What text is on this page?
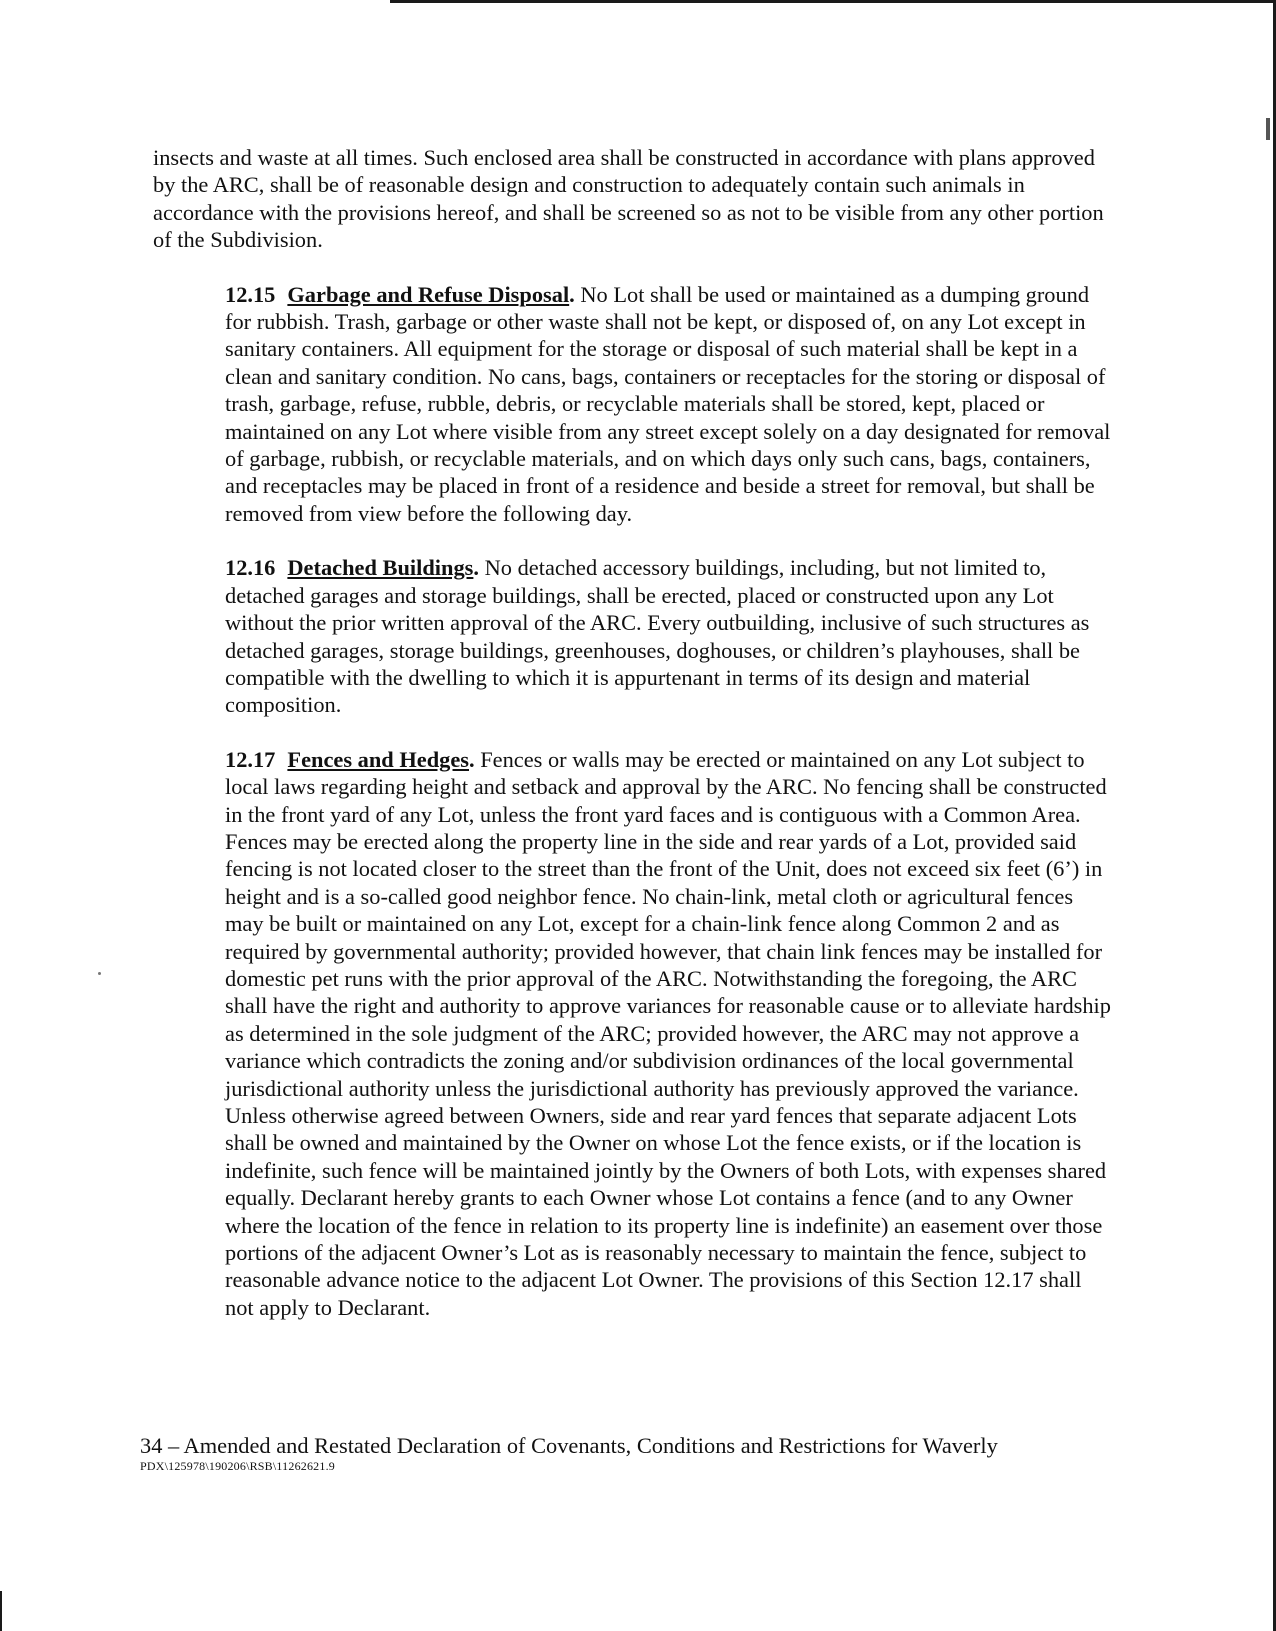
insects and waste at all times. Such enclosed area shall be constructed in accordance with plans approved by the ARC, shall be of reasonable design and construction to adequately contain such animals in accordance with the provisions hereof, and shall be screened so as not to be visible from any other portion of the Subdivision.

12.15 Garbage and Refuse Disposal. No Lot shall be used or maintained as a dumping ground for rubbish. Trash, garbage or other waste shall not be kept, or disposed of, on any Lot except in sanitary containers. All equipment for the storage or disposal of such material shall be kept in a clean and sanitary condition. No cans, bags, containers or receptacles for the storing or disposal of trash, garbage, refuse, rubble, debris, or recyclable materials shall be stored, kept, placed or maintained on any Lot where visible from any street except solely on a day designated for removal of garbage, rubbish, or recyclable materials, and on which days only such cans, bags, containers, and receptacles may be placed in front of a residence and beside a street for removal, but shall be removed from view before the following day.

12.16 Detached Buildings. No detached accessory buildings, including, but not limited to, detached garages and storage buildings, shall be erected, placed or constructed upon any Lot without the prior written approval of the ARC. Every outbuilding, inclusive of such structures as detached garages, storage buildings, greenhouses, doghouses, or children’s playhouses, shall be compatible with the dwelling to which it is appurtenant in terms of its design and material composition.

12.17 Fences and Hedges. Fences or walls may be erected or maintained on any Lot subject to local laws regarding height and setback and approval by the ARC. No fencing shall be constructed in the front yard of any Lot, unless the front yard faces and is contiguous with a Common Area. Fences may be erected along the property line in the side and rear yards of a Lot, provided said fencing is not located closer to the street than the front of the Unit, does not exceed six feet (6’) in height and is a so-called good neighbor fence. No chain-link, metal cloth or agricultural fences may be built or maintained on any Lot, except for a chain-link fence along Common 2 and as required by governmental authority; provided however, that chain link fences may be installed for domestic pet runs with the prior approval of the ARC. Notwithstanding the foregoing, the ARC shall have the right and authority to approve variances for reasonable cause or to alleviate hardship as determined in the sole judgment of the ARC; provided however, the ARC may not approve a variance which contradicts the zoning and/or subdivision ordinances of the local governmental jurisdictional authority unless the jurisdictional authority has previously approved the variance. Unless otherwise agreed between Owners, side and rear yard fences that separate adjacent Lots shall be owned and maintained by the Owner on whose Lot the fence exists, or if the location is indefinite, such fence will be maintained jointly by the Owners of both Lots, with expenses shared equally. Declarant hereby grants to each Owner whose Lot contains a fence (and to any Owner where the location of the fence in relation to its property line is indefinite) an easement over those portions of the adjacent Owner’s Lot as is reasonably necessary to maintain the fence, subject to reasonable advance notice to the adjacent Lot Owner. The provisions of this Section 12.17 shall not apply to Declarant.

34 – Amended and Restated Declaration of Covenants, Conditions and Restrictions for Waverly

PDX\125978\190206\RSB\11262621.9
